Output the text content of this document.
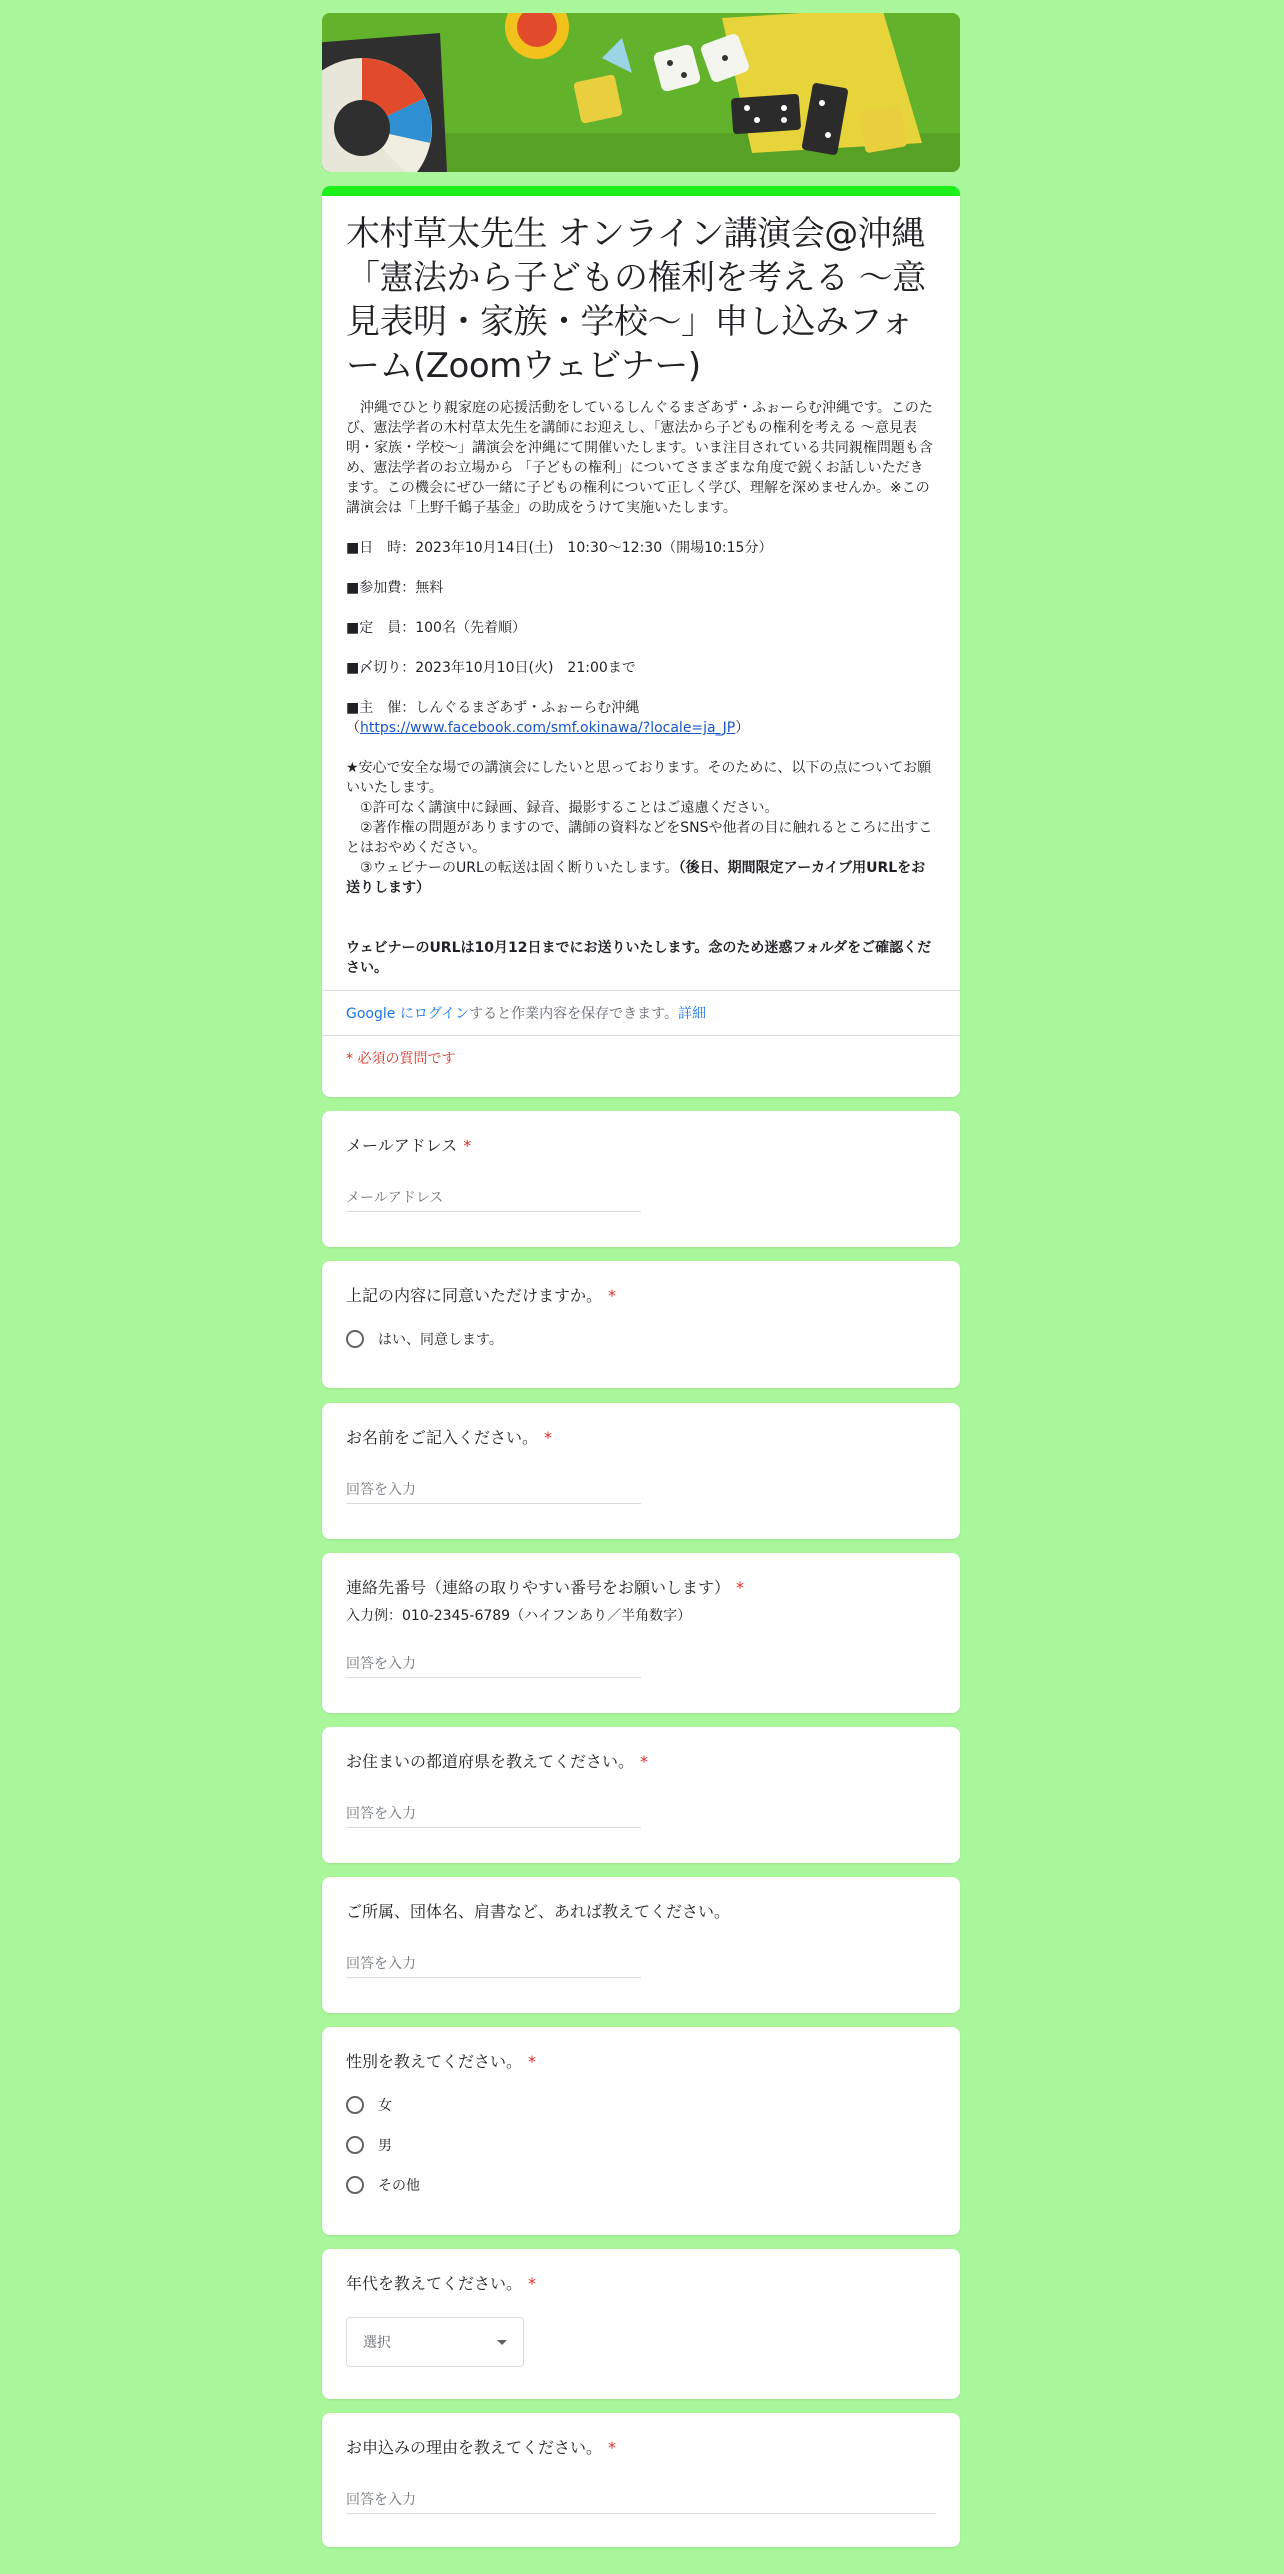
木村草太先生 オンライン講演会@沖縄「憲法から子どもの権利を考える 〜意見表明・家族・学校〜」申し込みフォーム(Zoomウェビナー)

　沖縄でひとり親家庭の応援活動をしているしんぐるまざあず・ふぉーらむ沖縄です。このたび、憲法学者の木村草太先生を講師にお迎えし、「憲法から子どもの権利を考える 〜意見表明・家族・学校〜」講演会を沖縄にて開催いたします。いま注目されている共同親権問題も含め、憲法学者のお立場から 「子どもの権利」についてさまざまな角度で鋭くお話しいただきます。この機会にぜひ一緒に子どもの権利について正しく学び、理解を深めませんか。※この講演会は「上野千鶴子基金」の助成をうけて実施いたします。

■日　時：2023年10月14日(土)　10:30〜12:30（開場10:15分）

■参加費：無料

■定　員：100名（先着順）

■〆切り：2023年10月10日(火)　21:00まで

■主　催：しんぐるまざあず・ふぉーらむ沖縄

（https://www.facebook.com/smf.okinawa/?locale=ja_JP）

★安心で安全な場での講演会にしたいと思っております。そのために、以下の点についてお願いいたします。

　①許可なく講演中に録画、録音、撮影することはご遠慮ください。

　②著作権の問題がありますので、講師の資料などをSNSや他者の目に触れるところに出すことはおやめください。

　③ウェビナーのURLの転送は固く断りいたします。（後日、期間限定アーカイブ用URLをお送りします）

ウェビナーのURLは10月12日までにお送りいたします。念のため迷惑フォルダをご確認ください。

Google にログインすると作業内容を保存できます。詳細
* 必須の質問です

メールアドレス *

メールアドレス

上記の内容に同意いただけますか。 *

はい、同意します。

お名前をご記入ください。 *

回答を入力

連絡先番号（連絡の取りやすい番号をお願いします） *

入力例：010‐2345‐6789（ハイフンあり／半角数字）
回答を入力

お住まいの都道府県を教えてください。 *

回答を入力

ご所属、団体名、肩書など、あれば教えてください。

回答を入力

性別を教えてください。 *

女
男
その他

年代を教えてください。 *

選択

お申込みの理由を教えてください。 *

回答を入力
